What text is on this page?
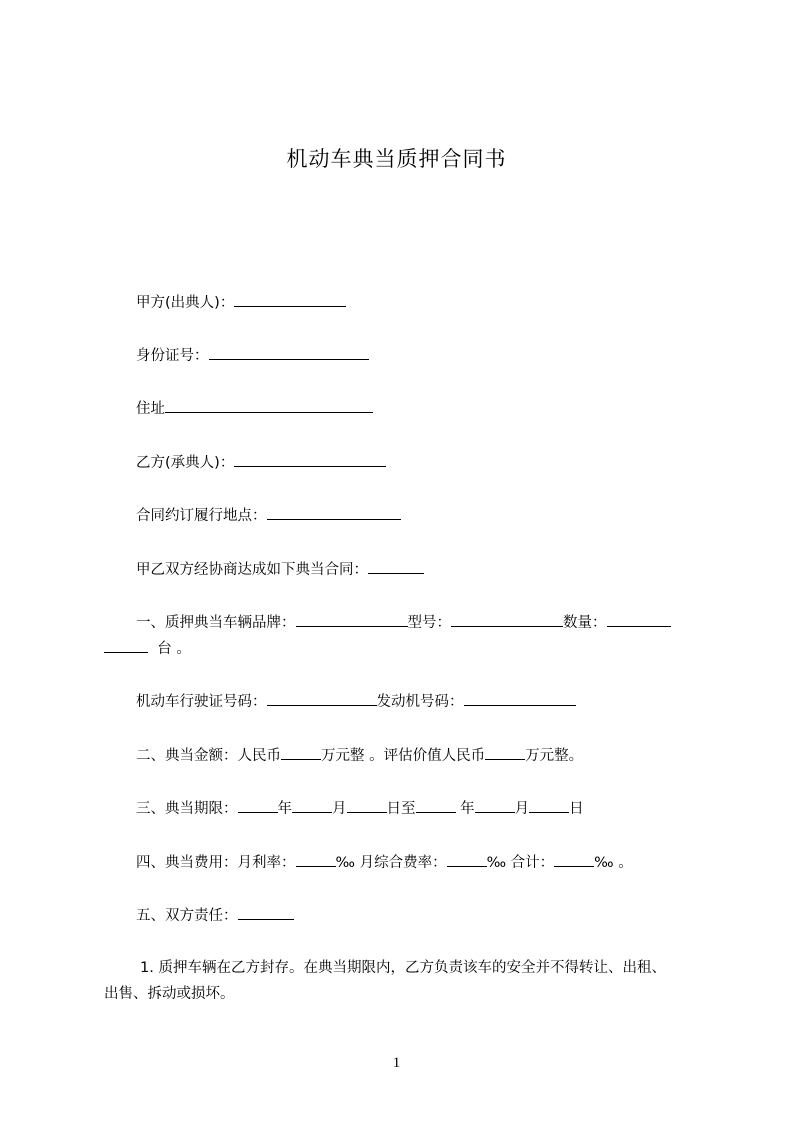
机动车典当质押合同书
甲方(出典人)：
身份证号：
住址
乙方(承典人)：
合同约订履行地点：
甲乙双方经协商达成如下典当合同：
一、质押典当车辆品牌：	型号：	数量：
台 。
机动车行驶证号码：	发动机号码：
二、典当金额：人民币	万元整 。评估价值人民币	万元整。
三、典当期限：	年	月	日至	年	月	日
四、典当费用：月利率：	‰ 月综合费率：	‰ 合计：	‰ 。
五、双方责任：
1. 质押车辆在乙方封存。在典当期限内，乙方负责该车的安全并不得转让、出租、
出售、拆动或损坏。
1
